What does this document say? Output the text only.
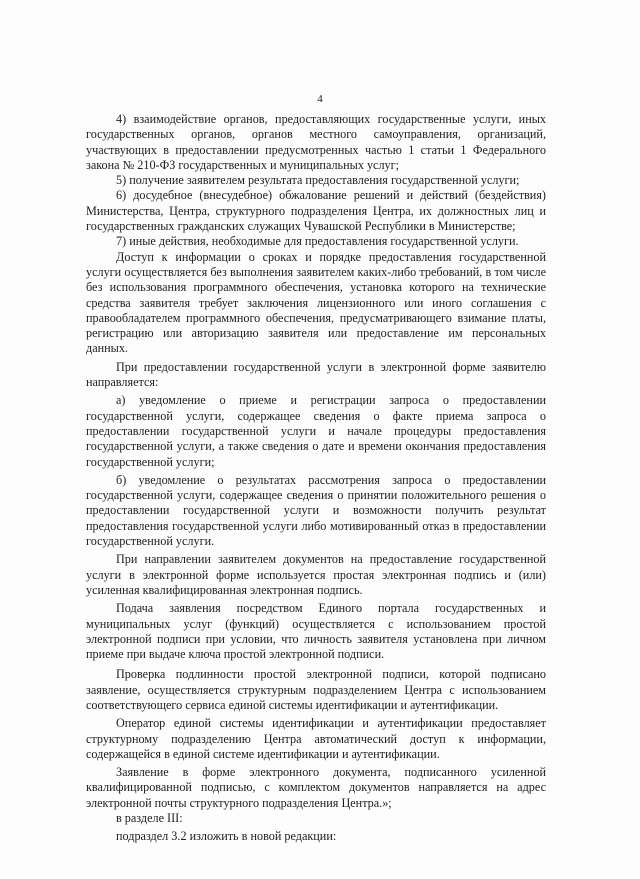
4

4) взаимодействие органов, предоставляющих государственные услуги, иных государственных органов, органов местного самоуправления, организаций, участвующих в предоставлении предусмотренных частью 1 статьи 1 Федерального закона № 210-ФЗ государственных и муниципальных услуг;

5) получение заявителем результата предоставления государственной услуги;

6) досудебное (внесудебное) обжалование решений и действий (бездействия) Министерства, Центра, структурного подразделения Центра, их должностных лиц и государственных гражданских служащих Чувашской Республики в Министерстве;

7) иные действия, необходимые для предоставления государственной услуги.

Доступ к информации о сроках и порядке предоставления государственной услуги осуществляется без выполнения заявителем каких-либо требований, в том числе без использования программного обеспечения, установка которого на технические средства заявителя требует заключения лицензионного или иного соглашения с правообладателем программного обеспечения, предусматривающего взимание платы, регистрацию или авторизацию заявителя или предоставление им персональных данных.

При предоставлении государственной услуги в электронной форме заявителю направляется:

а) уведомление о приеме и регистрации запроса о предоставлении государственной услуги, содержащее сведения о факте приема запроса о предоставлении государственной услуги и начале процедуры предоставления государственной услуги, а также сведения о дате и времени окончания предоставления государственной услуги;

б) уведомление о результатах рассмотрения запроса о предоставлении государственной услуги, содержащее сведения о принятии положительного решения о предоставлении государственной услуги и возможности получить результат предоставления государственной услуги либо мотивированный отказ в предоставлении государственной услуги.

При направлении заявителем документов на предоставление государственной услуги в электронной форме используется простая электронная подпись и (или) усиленная квалифицированная электронная подпись.

Подача заявления посредством Единого портала государственных и муниципальных услуг (функций) осуществляется с использованием простой электронной подписи при условии, что личность заявителя установлена при личном приеме при выдаче ключа простой электронной подписи.

Проверка подлинности простой электронной подписи, которой подписано заявление, осуществляется структурным подразделением Центра с использованием соответствующего сервиса единой системы идентификации и аутентификации.

Оператор единой системы идентификации и аутентификации предоставляет структурному подразделению Центра автоматический доступ к информации, содержащейся в единой системе идентификации и аутентификации.

Заявление в форме электронного документа, подписанного усиленной квалифицированной подписью, с комплектом документов направляется на адрес электронной почты структурного подразделения Центра.»;

в разделе III:

подраздел 3.2 изложить в новой редакции:
